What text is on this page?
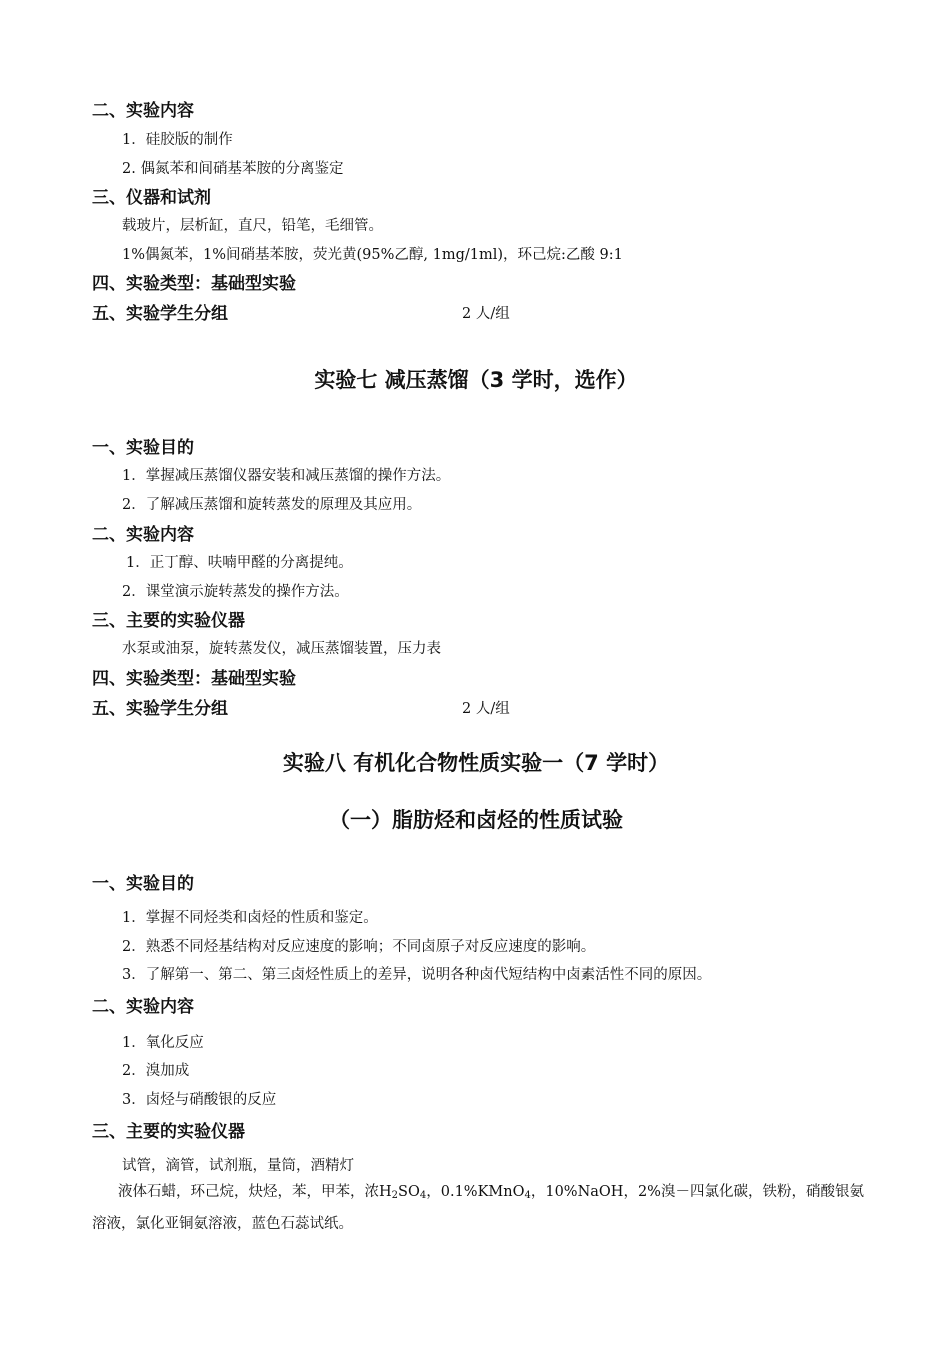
二、实验内容
1．硅胶版的制作
2. 偶氮苯和间硝基苯胺的分离鉴定
三、仪器和试剂
载玻片，层析缸，直尺，铅笔，毛细管。
1%偶氮苯，1%间硝基苯胺，荧光黄(95%乙醇, 1mg/1ml)，环己烷:乙酸 9:1
四、实验类型：基础型实验
五、实验学生分组	2 人/组
实验七 减压蒸馏（3 学时，选作）
一、实验目的
1．掌握减压蒸馏仪器安装和减压蒸馏的操作方法。
2．了解减压蒸馏和旋转蒸发的原理及其应用。
二、实验内容
1．正丁醇、呋喃甲醛的分离提纯。
2．课堂演示旋转蒸发的操作方法。
三、主要的实验仪器
水泵或油泵，旋转蒸发仪，减压蒸馏装置，压力表
四、实验类型：基础型实验
五、实验学生分组	2 人/组
实验八 有机化合物性质实验一（7 学时）
（一）脂肪烃和卤烃的性质试验
一、实验目的
1．掌握不同烃类和卤烃的性质和鉴定。
2．熟悉不同烃基结构对反应速度的影响；不同卤原子对反应速度的影响。
3．了解第一、第二、第三卤烃性质上的差异，说明各种卤代短结构中卤素活性不同的原因。
二、实验内容
1．氧化反应
2．溴加成
3．卤烃与硝酸银的反应
三、主要的实验仪器
试管，滴管，试剂瓶，量筒，酒精灯
液体石蜡，环己烷，炔烃，苯，甲苯，浓$H_2SO_4$，0.1%KMnO$_4$，10%NaOH，2%溴－四氯化碳，铁粉，硝酸银氨溶液，氯化亚铜氨溶液，蓝色石蕊试纸。
